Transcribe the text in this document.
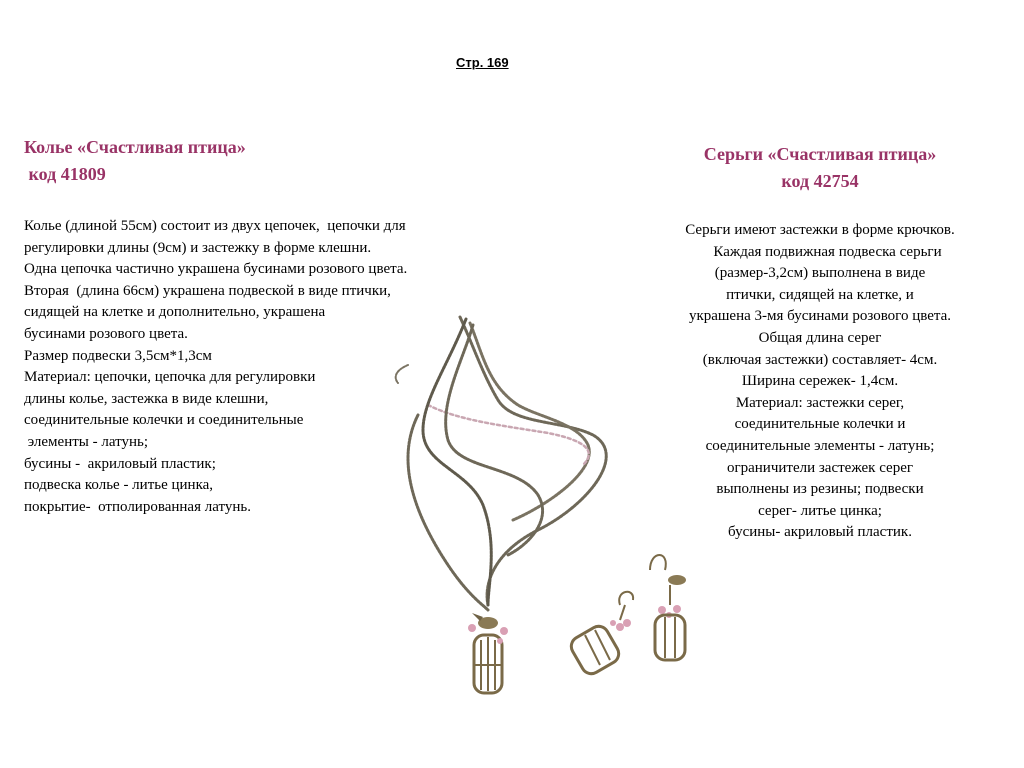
Стр. 169
Колье «Счастливая птица»
код 41809
Колье (длиной 55см) состоит из двух цепочек,  цепочки для
регулировки длины (9см) и застежку в форме клешни.
Одна цепочка частично украшена бусинами розового цвета.
Вторая  (длина 66см) украшена подвеской в виде птички,
сидящей на клетке и дополнительно, украшена
бусинами розового цвета.
Размер подвески 3,5см*1,3см
Материал: цепочки, цепочка для регулировки
длины колье, застежка в виде клешни,
соединительные колечки и соединительные
элементы - латунь;
бусины -  акриловый пластик;
подвеска колье - литье цинка,
покрытие-  отполированная латунь.
Серьги «Счастливая птица»
код 42754
Серьги имеют застежки в форме крючков.
Каждая подвижная подвеска серьги
(размер-3,2см) выполнена в виде
птички, сидящей на клетке, и
украшена 3-мя бусинами розового цвета.
Общая длина серег
(включая застежки) составляет- 4см.
Ширина сережек- 1,4см.
Материал: застежки серег,
соединительные колечки и
соединительные элементы - латунь;
ограничители застежек серег
выполнены из резины; подвески
серег- литье цинка;
бусины- акриловый пластик.
